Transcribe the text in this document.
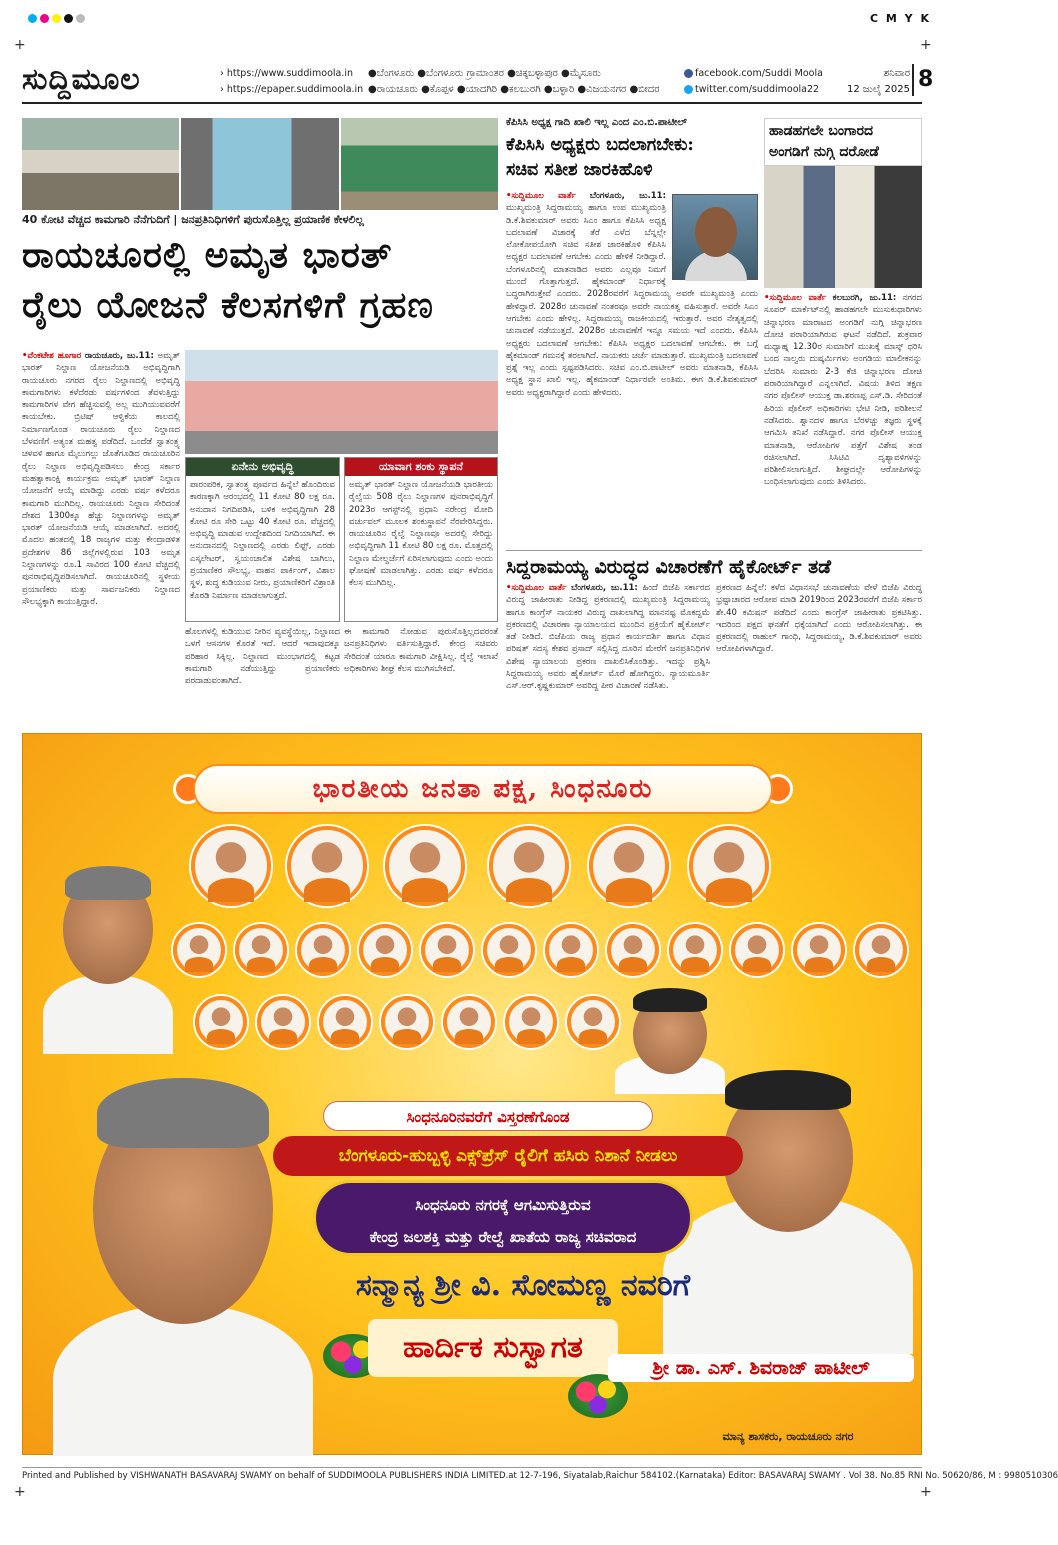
+	+
+	+
C M Y K
ಸುದ್ದಿಮೂಲ	› https://www.suddimoola.in
› https://epaper.suddimoola.in
●ಬೆಂಗಳೂರು ●ಬೆಂಗಳೂರು ಗ್ರಾಮಾಂತರ ●ಚಿಕ್ಕಬಳ್ಳಾಪುರ ●ಮೈಸೂರು
●ರಾಯಚೂರು ●ಕೊಪ್ಪಳ ●ಯಾದಗಿರಿ ●ಕಲಬುರಗಿ ●ಬಳ್ಳಾರಿ ●ವಿಜಯನಗರ ●ಬೀದರ
facebook.com/Suddi Moola
twitter.com/suddimoola22
ಶನಿವಾರ
12 ಜುಲೈ 2025 8
40 ಕೋಟಿ ವೆಚ್ಚದ ಕಾಮಗಾರಿ ನೆನೆಗುದಿಗೆ | ಜನಪ್ರತಿನಿಧಿಗಳಿಗೆ ಪುರುಸೊತ್ತಿಲ್ಲ ಪ್ರಯಾಣಿಕ ಕೇಳಲಿಲ್ಲ
ರಾಯಚೂರಲ್ಲಿ ಅಮೃತ ಭಾರತ್
ರೈಲು ಯೋಜನೆ ಕೆಲಸಗಳಿಗೆ ಗ್ರಹಣ
•ವೆಂಕಟೇಶ ಹೂಗಾರ ರಾಯಚೂರು, ಜು.11: ಅಮೃತ್ ಭಾರತ್ ನಿಲ್ದಾಣ ಯೋಜನೆಯಡಿ ಅಭಿವೃದ್ಧಿಗಾಗಿ ರಾಯಚೂರು ನಗರದ ರೈಲು ನಿಲ್ದಾಣದಲ್ಲಿ ಅಭಿವೃದ್ಧಿ ಕಾಮಗಾರಿಗಳು ಕಳೆದೆರಡು ವರ್ಷಗಳಿಂದ ತೆವಳುತ್ತಿದ್ದು ಕಾಮಗಾರಿಗಳ ವೇಗ ಹೆಚ್ಚಿಸುವಲ್ಲಿ ಅಲ್ಲ ಮುಗಿಯುವವರೆಗೆ ಕಾಯಬೇಕು. ಬ್ರಿಟಿಷ್ ಆಳ್ವಿಕೆಯ ಕಾಲದಲ್ಲಿ ನಿರ್ಮಾಣಗೊಂಡ ರಾಯಚೂರು ರೈಲು ನಿಲ್ದಾಣದ ಬೆಳವಣಿಗೆ ಅತ್ಯಂತ ಮಹತ್ವ ಪಡೆದಿದೆ. ಒಂದೆಡೆ ಸ್ವಾತಂತ್ರ್ಯ ಚಳವಳಿ ಹಾಗೂ ಮೈಲುಗಲ್ಲು ಜೊತೆಗೂಡಿದ ರಾಯಚೂರಿನ ರೈಲು ನಿಲ್ದಾಣ ಅಭಿವೃದ್ಧಿಪಡಿಸಲು ಕೇಂದ್ರ ಸರ್ಕಾರ ಮಹತ್ವಾಕಾಂಕ್ಷಿ ಕಾರ್ಯಕ್ರಮ ಅಮೃತ್ ಭಾರತ್ ನಿಲ್ದಾಣ ಯೋಜನೆಗೆ ಆಯ್ಕೆ ಮಾಡಿದ್ದು ಎರಡು ವರ್ಷ ಕಳೆದರೂ ಕಾಮಗಾರಿ ಮುಗಿದಿಲ್ಲ. ರಾಯಚೂರು ನಿಲ್ದಾಣ ಸೇರಿದಂತೆ ದೇಶದ 1300ಕ್ಕೂ ಹೆಚ್ಚು ನಿಲ್ದಾಣಗಳನ್ನು ಅಮೃತ್ ಭಾರತ್ ಯೋಜನೆಯಡಿ ಆಯ್ಕೆ ಮಾಡಲಾಗಿದೆ. ಅದರಲ್ಲಿ ಮೊದಲ ಹಂತದಲ್ಲಿ 18 ರಾಜ್ಯಗಳ ಮತ್ತು ಕೇಂದ್ರಾಡಳಿತ ಪ್ರದೇಶಗಳ 86 ಜಿಲ್ಲೆಗಳಲ್ಲಿರುವ 103 ಅಮೃತ ನಿಲ್ದಾಣಗಳನ್ನು ರೂ.1 ಸಾವಿರದ 100 ಕೋಟಿ ವೆಚ್ಚದಲ್ಲಿ ಪುನರಾಭಿವೃದ್ಧಿಪಡಿಸಲಾಗಿದೆ. ರಾಯಚೂರಿನಲ್ಲಿ ಸ್ಥಳೀಯ ಪ್ರಯಾಣಿಕರು ಮತ್ತು ಸಾರ್ವಜನಿಕರು ನಿಲ್ದಾಣದ ಸೌಲಭ್ಯಕ್ಕಾಗಿ ಕಾಯುತ್ತಿದ್ದಾರೆ.
ಏನೇನು ಅಭಿವೃದ್ಧಿ
ಪಾರಂಪರಿಕ, ಸ್ವಾತಂತ್ರ್ಯ ಪೂರ್ವದ ಹಿನ್ನೆಲೆ ಹೊಂದಿರುವ ಕಾರಣಕ್ಕಾಗಿ ಆರಂಭದಲ್ಲಿ 11 ಕೋಟಿ 80 ಲಕ್ಷ ರೂ. ಅನುದಾನ ನಿಗದಿಪಡಿಸಿ, ಬಳಿಕ ಅಭಿವೃದ್ಧಿಗಾಗಿ 28 ಕೋಟಿ ರೂ ಸೇರಿ ಒಟ್ಟು 40 ಕೋಟಿ ರೂ. ವೆಚ್ಚದಲ್ಲಿ ಅಭಿವೃದ್ಧಿ ಮಾಡುವ ಉದ್ದೇಶದಿಂದ ನಿಗದಿಯಾಗಿದೆ. ಈ ಅನುದಾನದಲ್ಲಿ ನಿಲ್ದಾಣದಲ್ಲಿ ಎರಡು ಲಿಫ್ಟ್, ಎರಡು ಎಸ್ಕಲೇಟರ್, ಸ್ವಯಂಚಾಲಿತ ವಿಶೇಷ ಬಾಗಿಲು, ಪ್ರಯಾಣಿಕರ ಸೌಲಭ್ಯ, ವಾಹನ ಪಾರ್ಕಿಂಗ್, ವಿಶಾಲ ಸ್ಥಳ, ಶುದ್ಧ ಕುಡಿಯುವ ನೀರು, ಪ್ರಯಾಣಿಕರಿಗೆ ವಿಶ್ರಾಂತಿ ಕೊಠಡಿ ನಿರ್ಮಾಣ ಮಾಡಲಾಗುತ್ತದೆ.
ಯಾವಾಗ ಶಂಕು ಸ್ಥಾಪನೆ
ಅಮೃತ್ ಭಾರತ್ ನಿಲ್ದಾಣ ಯೋಜನೆಯಡಿ ಭಾರತೀಯ ರೈಲ್ವೆಯ 508 ರೈಲು ನಿಲ್ದಾಣಗಳ ಪುನರಾಭಿವೃದ್ಧಿಗೆ 2023ರ ಆಗಸ್ಟ್‌ನಲ್ಲಿ ಪ್ರಧಾನಿ ನರೇಂದ್ರ ಮೋದಿ ವರ್ಚುವಲ್ ಮೂಲಕ ಶಂಕುಸ್ಥಾಪನೆ ನೆರವೇರಿಸಿದ್ದರು. ರಾಯಚೂರಿನ ರೈಲ್ವೆ ನಿಲ್ದಾಣವೂ ಅದರಲ್ಲಿ ಸೇರಿದ್ದು ಅಭಿವೃದ್ಧಿಗಾಗಿ 11 ಕೋಟಿ 80 ಲಕ್ಷ ರೂ. ಮೊತ್ತದಲ್ಲಿ ನಿಲ್ದಾಣ ಮೇಲ್ದರ್ಜೆಗೆ ಏರಿಸಲಾಗುವುದು ಎಂದು ಅಂದು ಘೋಷಣೆ ಮಾಡಲಾಗಿತ್ತು. ಎರಡು ವರ್ಷ ಕಳೆದರೂ ಕೆಲಸ ಮುಗಿದಿಲ್ಲ.
ಹೊಲಗಳಲ್ಲಿ ಕುಡಿಯುವ ನೀರಿನ ವ್ಯವಸ್ಥೆಯಿಲ್ಲ, ನಿಲ್ದಾಣದ ಒಳಗೆ ಆಸನಗಳ ಕೊರತೆ ಇದೆ. ಆದರೆ ಇದಾವುದಕ್ಕೂ ಪರಿಹಾರ ಸಿಕ್ಕಿಲ್ಲ. ನಿಲ್ದಾಣದ ಮುಂಭಾಗದಲ್ಲಿ ಕಟ್ಟಡ ಕಾಮಗಾರಿ ನಡೆಯುತ್ತಿದ್ದು ಪ್ರಯಾಣಿಕರು ಪರದಾಡುವಂತಾಗಿದೆ.
ಈ ಕಾಮಗಾರಿ ನೋಡುವ ಪುರುಸೊತ್ತಿಲ್ಲದವರಂತೆ ಜನಪ್ರತಿನಿಧಿಗಳು ವರ್ತಿಸುತ್ತಿದ್ದಾರೆ. ಕೇಂದ್ರ ಸಚಿವರು ಸೇರಿದಂತೆ ಯಾರೂ ಕಾಮಗಾರಿ ವೀಕ್ಷಿಸಿಲ್ಲ. ರೈಲ್ವೆ ಇಲಾಖೆ ಅಧಿಕಾರಿಗಳು ಶೀಘ್ರ ಕೆಲಸ ಮುಗಿಸಬೇಕಿದೆ.
ಕೆಪಿಸಿಸಿ ಅಧ್ಯಕ್ಷ ಗಾದಿ ಖಾಲಿ ಇಲ್ಲ ಎಂದ ಎಂ.ಬಿ.ಪಾಟೀಲ್
ಕೆಪಿಸಿಸಿ ಅಧ್ಯಕ್ಷರು ಬದಲಾಗಬೇಕು:
ಸಚಿವ ಸತೀಶ ಜಾರಕಿಹೊಳಿ
•ಸುದ್ದಿಮೂಲ ವಾರ್ತೆ ಬೆಂಗಳೂರು, ಜು.11: ಮುಖ್ಯಮಂತ್ರಿ ಸಿದ್ದರಾಮಯ್ಯ ಹಾಗೂ ಉಪ ಮುಖ್ಯಮಂತ್ರಿ ಡಿ.ಕೆ.ಶಿವಕುಮಾರ್ ಅವರು ಸಿಎಂ ಹಾಗೂ ಕೆಪಿಸಿಸಿ ಅಧ್ಯಕ್ಷ ಬದಲಾವಣೆ ವಿಚಾರಕ್ಕೆ ತೆರೆ ಎಳೆದ ಬೆನ್ನಲ್ಲೇ ಲೋಕೋಪಯೋಗಿ ಸಚಿವ ಸತೀಶ ಜಾರಕಿಹೊಳಿ ಕೆಪಿಸಿಸಿ ಅಧ್ಯಕ್ಷರ ಬದಲಾವಣೆ ಆಗಬೇಕು ಎಂದು ಹೇಳಿಕೆ ನೀಡಿದ್ದಾರೆ. ಬೆಂಗಳೂರಿನಲ್ಲಿ ಮಾತನಾಡಿದ ಅವರು ಎಲ್ಲವೂ ನಿಮಗೆ ಮುಂದೆ ಗೊತ್ತಾಗುತ್ತದೆ. ಹೈಕಮಾಂಡ್ ನಿರ್ಧಾರಕ್ಕೆ ಬದ್ಧರಾಗಿರುತ್ತೇವೆ ಎಂದರು. 2028ರವರೆಗೆ ಸಿದ್ದರಾಮಯ್ಯ ಅವರೇ ಮುಖ್ಯಮಂತ್ರಿ ಎಂದು ಹೇಳಿದ್ದಾರೆ. 2028ರ ಚುನಾವಣೆ ನಂತರವೂ ಅವರೇ ನಾಯಕತ್ವ ವಹಿಸುತ್ತಾರೆ. ಅವರೇ ಸಿಎಂ ಆಗಬೇಕು ಎಂದು ಹೇಳಿಲ್ಲ. ಸಿದ್ದರಾಮಯ್ಯ ರಾಜಕೀಯದಲ್ಲಿ ಇರುತ್ತಾರೆ. ಅವರ ನೇತೃತ್ವದಲ್ಲಿ ಚುನಾವಣೆ ನಡೆಯುತ್ತದೆ. 2028ರ ಚುನಾವಣೆಗೆ ಇನ್ನೂ ಸಮಯ ಇದೆ ಎಂದರು. ಕೆಪಿಸಿಸಿ ಅಧ್ಯಕ್ಷರು ಬದಲಾವಣೆ ಆಗಬೇಕು: ಕೆಪಿಸಿಸಿ ಅಧ್ಯಕ್ಷರ ಬದಲಾವಣೆ ಆಗಬೇಕು. ಈ ಬಗ್ಗೆ ಹೈಕಮಾಂಡ್ ಗಮನಕ್ಕೆ ತರಲಾಗಿದೆ. ನಾಯಕರು ಚರ್ಚೆ ಮಾಡುತ್ತಾರೆ. ಮುಖ್ಯಮಂತ್ರಿ ಬದಲಾವಣೆ ಪ್ರಶ್ನೆ ಇಲ್ಲ ಎಂದು ಸ್ಪಷ್ಟಪಡಿಸಿದರು. ಸಚಿವ ಎಂ.ಬಿ.ಪಾಟೀಲ್ ಅವರು ಮಾತನಾಡಿ, ಕೆಪಿಸಿಸಿ ಅಧ್ಯಕ್ಷ ಸ್ಥಾನ ಖಾಲಿ ಇಲ್ಲ. ಹೈಕಮಾಂಡ್ ನಿರ್ಧಾರವೇ ಅಂತಿಮ. ಈಗ ಡಿ.ಕೆ.ಶಿವಕುಮಾರ್ ಅವರು ಅಧ್ಯಕ್ಷರಾಗಿದ್ದಾರೆ ಎಂದು ಹೇಳಿದರು.
ಹಾಡಹಗಲೇ ಬಂಗಾರದ
ಅಂಗಡಿಗೆ ನುಗ್ಗಿ ದರೋಡೆ
•ಸುದ್ದಿಮೂಲ ವಾರ್ತೆ ಕಲಬುರಗಿ, ಜು.11: ನಗರದ ಸೂಪರ್ ಮಾರ್ಕೆಟ್‌ನಲ್ಲಿ ಹಾಡಹಗಲೇ ಮುಸುಕುಧಾರಿಗಳು ಚಿನ್ನಾಭರಣ ಮಾರಾಟದ ಅಂಗಡಿಗೆ ನುಗ್ಗಿ ಚಿನ್ನಾಭರಣ ದೋಚಿ ಪರಾರಿಯಾಗಿರುವ ಘಟನೆ ನಡೆದಿದೆ. ಶುಕ್ರವಾರ ಮಧ್ಯಾಹ್ನ 12.30ರ ಸುಮಾರಿಗೆ ಮುಖಕ್ಕೆ ಮಾಸ್ಕ್ ಧರಿಸಿ ಬಂದ ನಾಲ್ವರು ದುಷ್ಕರ್ಮಿಗಳು ಅಂಗಡಿಯ ಮಾಲೀಕನನ್ನು ಬೆದರಿಸಿ ಸುಮಾರು 2-3 ಕೆಜಿ ಚಿನ್ನಾಭರಣ ದೋಚಿ ಪರಾರಿಯಾಗಿದ್ದಾರೆ ಎನ್ನಲಾಗಿದೆ. ವಿಷಯ ತಿಳಿದ ತಕ್ಷಣ ನಗರ ಪೊಲೀಸ್ ಆಯುಕ್ತ ಡಾ.ಶರಣಪ್ಪ ಎಸ್.ಡಿ. ಸೇರಿದಂತೆ ಹಿರಿಯ ಪೊಲೀಸ್ ಅಧಿಕಾರಿಗಳು ಭೇಟಿ ನೀಡಿ, ಪರಿಶೀಲನೆ ನಡೆಸಿದರು. ಶ್ವಾನದಳ ಹಾಗೂ ಬೆರಳಚ್ಚು ತಜ್ಞರು ಸ್ಥಳಕ್ಕೆ ಆಗಮಿಸಿ ತನಿಖೆ ನಡೆಸಿದ್ದಾರೆ. ನಗರ ಪೊಲೀಸ್ ಆಯುಕ್ತ ಮಾತನಾಡಿ, ಆರೋಪಿಗಳ ಪತ್ತೆಗೆ ವಿಶೇಷ ತಂಡ ರಚಿಸಲಾಗಿದೆ. ಸಿಸಿಟಿವಿ ದೃಶ್ಯಾವಳಿಗಳನ್ನು ಪರಿಶೀಲಿಸಲಾಗುತ್ತಿದೆ. ಶೀಘ್ರದಲ್ಲೇ ಆರೋಪಿಗಳನ್ನು ಬಂಧಿಸಲಾಗುವುದು ಎಂದು ತಿಳಿಸಿದರು.
ಸಿದ್ದರಾಮಯ್ಯ ವಿರುದ್ಧದ ವಿಚಾರಣೆಗೆ ಹೈಕೋರ್ಟ್ ತಡೆ
•ಸುದ್ದಿಮೂಲ ವಾರ್ತೆ ಬೆಂಗಳೂರು, ಜು.11: ಹಿಂದೆ ಬಿಜೆಪಿ ಸರ್ಕಾರದ ವಿರುದ್ಧ ಜಾಹೀರಾತು ನೀಡಿದ್ದ ಪ್ರಕರಣದಲ್ಲಿ ಮುಖ್ಯಮಂತ್ರಿ ಸಿದ್ದರಾಮಯ್ಯ ಹಾಗೂ ಕಾಂಗ್ರೆಸ್ ನಾಯಕರ ವಿರುದ್ಧ ದಾಖಲಾಗಿದ್ದ ಮಾನನಷ್ಟ ಮೊಕದ್ದಮೆ ಪ್ರಕರಣದಲ್ಲಿ ವಿಚಾರಣಾ ನ್ಯಾಯಾಲಯದ ಮುಂದಿನ ಪ್ರಕ್ರಿಯೆಗೆ ಹೈಕೋರ್ಟ್ ತಡೆ ನೀಡಿದೆ. ಬಿಜೆಪಿಯ ರಾಜ್ಯ ಪ್ರಧಾನ ಕಾರ್ಯದರ್ಶಿ ಹಾಗೂ ವಿಧಾನ ಪರಿಷತ್ ಸದಸ್ಯ ಕೇಶವ ಪ್ರಸಾದ್ ಸಲ್ಲಿಸಿದ್ದ ದೂರಿನ ಮೇರೆಗೆ ಜನಪ್ರತಿನಿಧಿಗಳ ವಿಶೇಷ ನ್ಯಾಯಾಲಯ ಪ್ರಕರಣ ದಾಖಲಿಸಿಕೊಂಡಿತ್ತು. ಇದನ್ನು ಪ್ರಶ್ನಿಸಿ ಸಿದ್ದರಾಮಯ್ಯ ಅವರು ಹೈಕೋರ್ಟ್ ಮೊರೆ ಹೋಗಿದ್ದರು. ನ್ಯಾಯಮೂರ್ತಿ ಎಸ್.ಆರ್.ಕೃಷ್ಣಕುಮಾರ್ ಅವರಿದ್ದ ಪೀಠ ವಿಚಾರಣೆ ನಡೆಸಿತು.
ಪ್ರಕರಣದ ಹಿನ್ನೆಲೆ: ಕಳೆದ ವಿಧಾನಸಭೆ ಚುನಾವಣೆಯ ವೇಳೆ ಬಿಜೆಪಿ ವಿರುದ್ಧ ಭ್ರಷ್ಟಾಚಾರದ ಆರೋಪ ಮಾಡಿ 2019ರಿಂದ 2023ರವರೆಗೆ ಬಿಜೆಪಿ ಸರ್ಕಾರ ಶೇ.40 ಕಮಿಷನ್ ಪಡೆದಿದೆ ಎಂದು ಕಾಂಗ್ರೆಸ್ ಜಾಹೀರಾತು ಪ್ರಕಟಿಸಿತ್ತು. ಇದರಿಂದ ಪಕ್ಷದ ಘನತೆಗೆ ಧಕ್ಕೆಯಾಗಿದೆ ಎಂದು ಆರೋಪಿಸಲಾಗಿತ್ತು. ಈ ಪ್ರಕರಣದಲ್ಲಿ ರಾಹುಲ್ ಗಾಂಧಿ, ಸಿದ್ದರಾಮಯ್ಯ, ಡಿ.ಕೆ.ಶಿವಕುಮಾರ್ ಅವರು ಆರೋಪಿಗಳಾಗಿದ್ದಾರೆ.
ಭಾರತೀಯ ಜನತಾ ಪಕ್ಷ, ಸಿಂಧನೂರು
ಸಿಂಧನೂರಿನವರೆಗೆ ವಿಸ್ತರಣೆಗೊಂಡ
ಬೆಂಗಳೂರು-ಹುಬ್ಬಳ್ಳಿ ಎಕ್ಸ್‌ಪ್ರೆಸ್ ರೈಲಿಗೆ ಹಸಿರು ನಿಶಾನೆ ನೀಡಲು
ಸಿಂಧನೂರು ನಗರಕ್ಕೆ ಆಗಮಿಸುತ್ತಿರುವ
ಕೇಂದ್ರ ಜಲಶಕ್ತಿ ಮತ್ತು ರೇಲ್ವೆ ಖಾತೆಯ ರಾಜ್ಯ ಸಚಿವರಾದ
ಸನ್ಮಾನ್ಯ ಶ್ರೀ ವಿ. ಸೋಮಣ್ಣ ನವರಿಗೆ
ಹಾರ್ದಿಕ ಸುಸ್ವಾಗತ
ಶ್ರೀ ಡಾ. ಎಸ್. ಶಿವರಾಜ್ ಪಾಟೀಲ್
ಮಾನ್ಯ ಶಾಸಕರು, ರಾಯಚೂರು ನಗರ
Printed and Published by VISHWANATH BASAVARAJ SWAMY on behalf of SUDDIMOOLA PUBLISHERS INDIA LIMITED.at 12-7-196, Siyatalab,Raichur 584102.(Karnataka) Editor: BASAVARAJ SWAMY . Vol 38. No.85 RNI No. 50620/86, M : 9980510306
